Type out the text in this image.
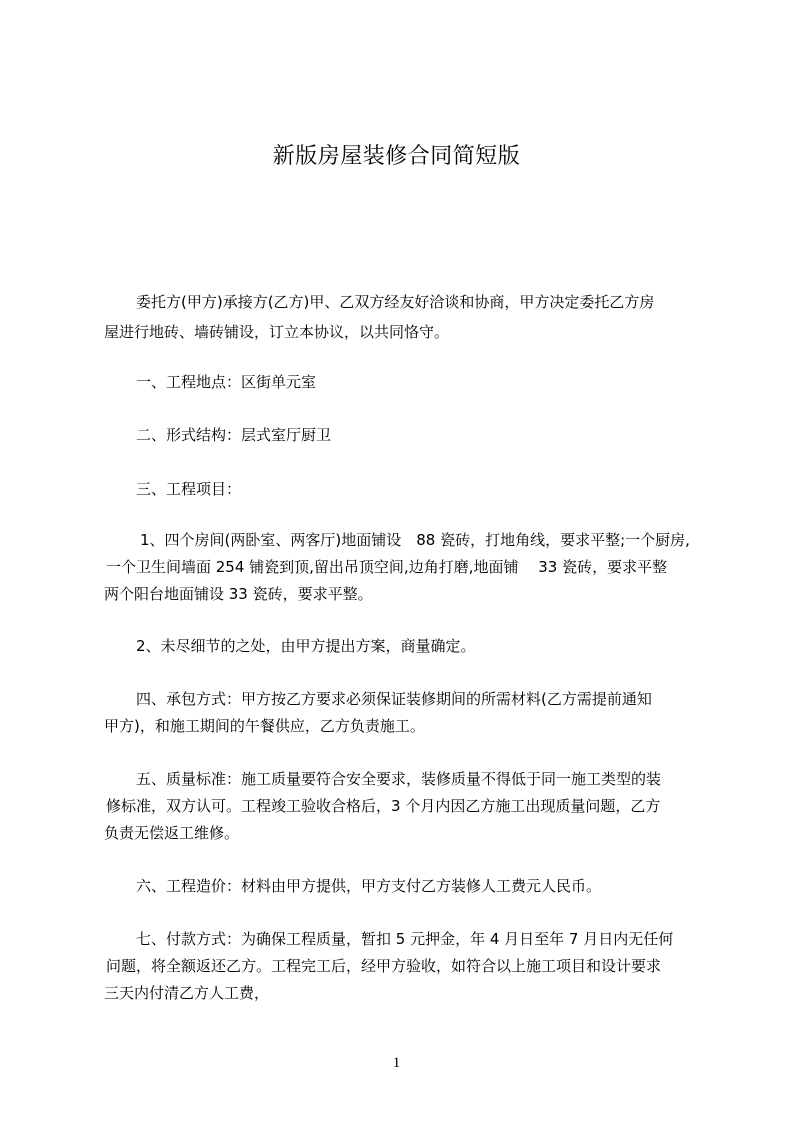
新版房屋装修合同简短版
委托方(甲方)承接方(乙方)甲、乙双方经友好洽谈和协商，甲方决定委托乙方房
屋进行地砖、墙砖铺设，订立本协议，以共同恪守。
一、工程地点：区街单元室
二、形式结构：层式室厅厨卫
三、工程项目：
1、四个房间(两卧室、两客厅)地面铺设　88 瓷砖，打地角线，要求平整;一个厨房,
一个卫生间墙面 254 铺瓷到顶,留出吊顶空间,边角打磨,地面铺　 33 瓷砖，要求平整
两个阳台地面铺设 33 瓷砖，要求平整。
2、未尽细节的之处，由甲方提出方案，商量确定。
四、承包方式：甲方按乙方要求必须保证装修期间的所需材料(乙方需提前通知
甲方)，和施工期间的午餐供应，乙方负责施工。
五、质量标准：施工质量要符合安全要求，装修质量不得低于同一施工类型的装
修标准，双方认可。工程竣工验收合格后，3 个月内因乙方施工出现质量问题，乙方
负责无偿返工维修。
六、工程造价：材料由甲方提供，甲方支付乙方装修人工费元人民币。
七、付款方式：为确保工程质量，暂扣 5 元押金，年 4 月日至年 7 月日内无任何
问题，将全额返还乙方。工程完工后，经甲方验收，如符合以上施工项目和设计要求
三天内付清乙方人工费，
1
